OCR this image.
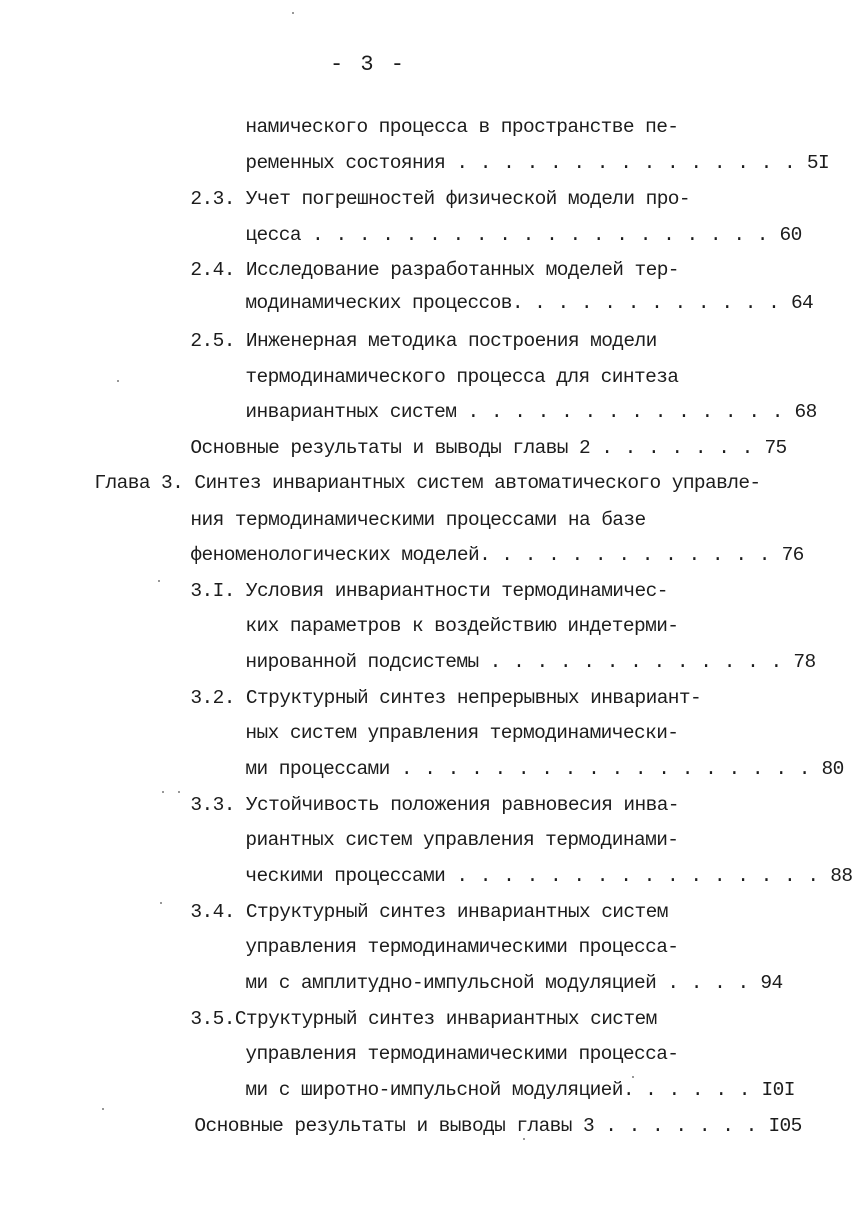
- 3 -

намического процесса в пространстве пе-

ременных состояния . . . . . . . . . . . . . . . 5I

2.3. Учет погрешностей физической модели про-

цесса . . . . . . . . . . . . . . . . . . . . 60

2.4. Исследование разработанных моделей тер-

модинамических процессов. . . . . . . . . . . . 64

2.5. Инженерная методика построения модели

термодинамического процесса для синтеза

инвариантных систем . . . . . . . . . . . . . . 68

Основные результаты и выводы главы 2 . . . . . . . 75

Глава 3. Синтез инвариантных систем автоматического управле-

ния термодинамическими процессами на базе

феноменологических моделей. . . . . . . . . . . . . 76

3.I. Условия инвариантности термодинамичес-

ких параметров к воздействию индетерми-

нированной подсистемы . . . . . . . . . . . . . 78

3.2. Структурный синтез непрерывных инвариант-

ных систем управления термодинамически-

ми процессами . . . . . . . . . . . . . . . . . . 80

3.3. Устойчивость положения равновесия инва-

риантных систем управления термодинами-

ческими процессами . . . . . . . . . . . . . . . . 88

3.4. Структурный синтез инвариантных систем

управления термодинамическими процесса-

ми с амплитудно-импульсной модуляцией . . . . 94

3.5.Структурный синтез инвариантных систем

управления термодинамическими процесса-

ми с широтно-импульсной модуляцией. . . . . . I0I

Основные результаты и выводы главы 3 . . . . . . . I05
